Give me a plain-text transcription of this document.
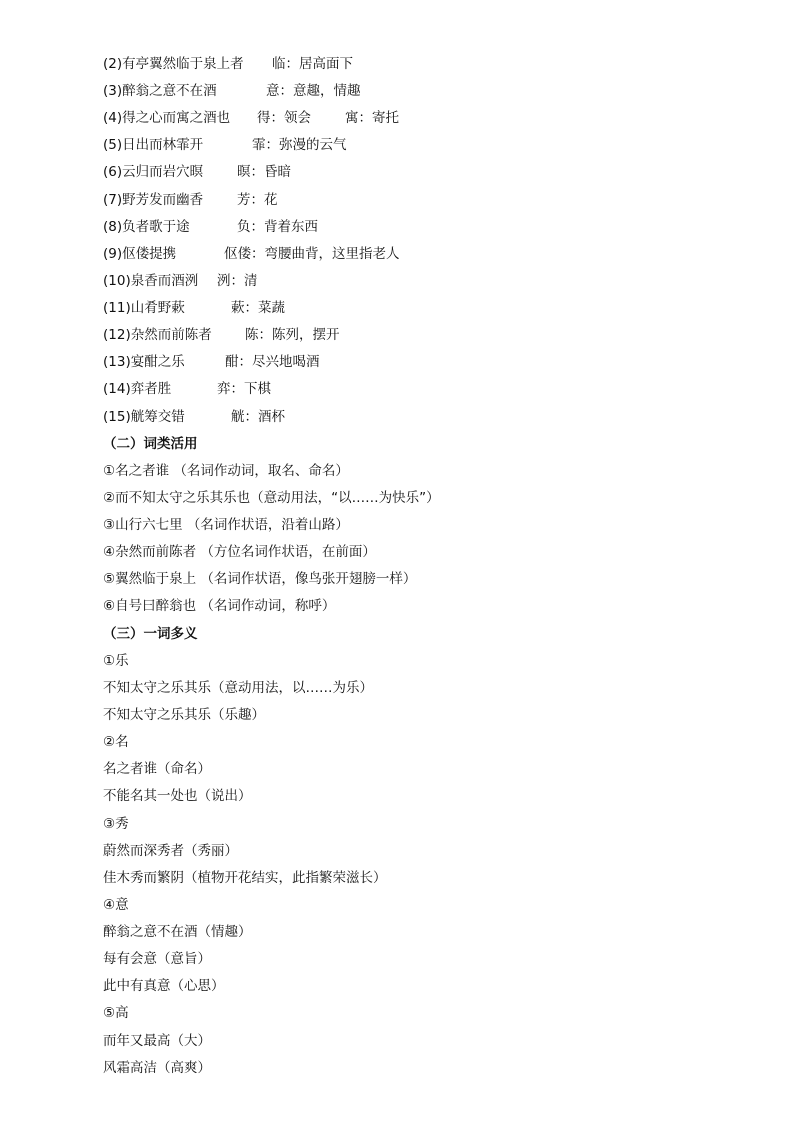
(2)有亭翼然临于泉上者 临：居高面下
(3)醉翁之意不在酒	意：意趣，情趣
(4)得之心而寓之酒也 得：领会	寓：寄托
(5)日出而林霏开	霏：弥漫的云气
(6)云归而岩穴暝	暝：昏暗
(7)野芳发而幽香	芳：花
(8)负者歌于途	负：背着东西
(9)伛偻提携	伛偻：弯腰曲背，这里指老人
(10)泉香而酒洌 洌：清
(11)山肴野蔌	蔌：菜蔬
(12)杂然而前陈者 陈：陈列，摆开
(13)宴酣之乐	酣：尽兴地喝酒
(14)弈者胜	弈：下棋
(15)觥筹交错	觥：酒杯
（二）词类活用
①名之者谁 （名词作动词，取名、命名）
②而不知太守之乐其乐也（意动用法，“以……为快乐”）
③山行六七里 （名词作状语，沿着山路）
④杂然而前陈者 （方位名词作状语，在前面）
⑤翼然临于泉上 （名词作状语，像鸟张开翅膀一样）
⑥自号曰醉翁也 （名词作动词，称呼）
（三）一词多义
①乐
不知太守之乐其乐（意动用法，以……为乐）
不知太守之乐其乐（乐趣）
②名
名之者谁（命名）
不能名其一处也（说出）
③秀
蔚然而深秀者（秀丽）
佳木秀而繁阴（植物开花结实，此指繁荣滋长）
④意
醉翁之意不在酒（情趣）
每有会意（意旨）
此中有真意（心思）
⑤高
而年又最高（大）
风霜高洁（高爽）
